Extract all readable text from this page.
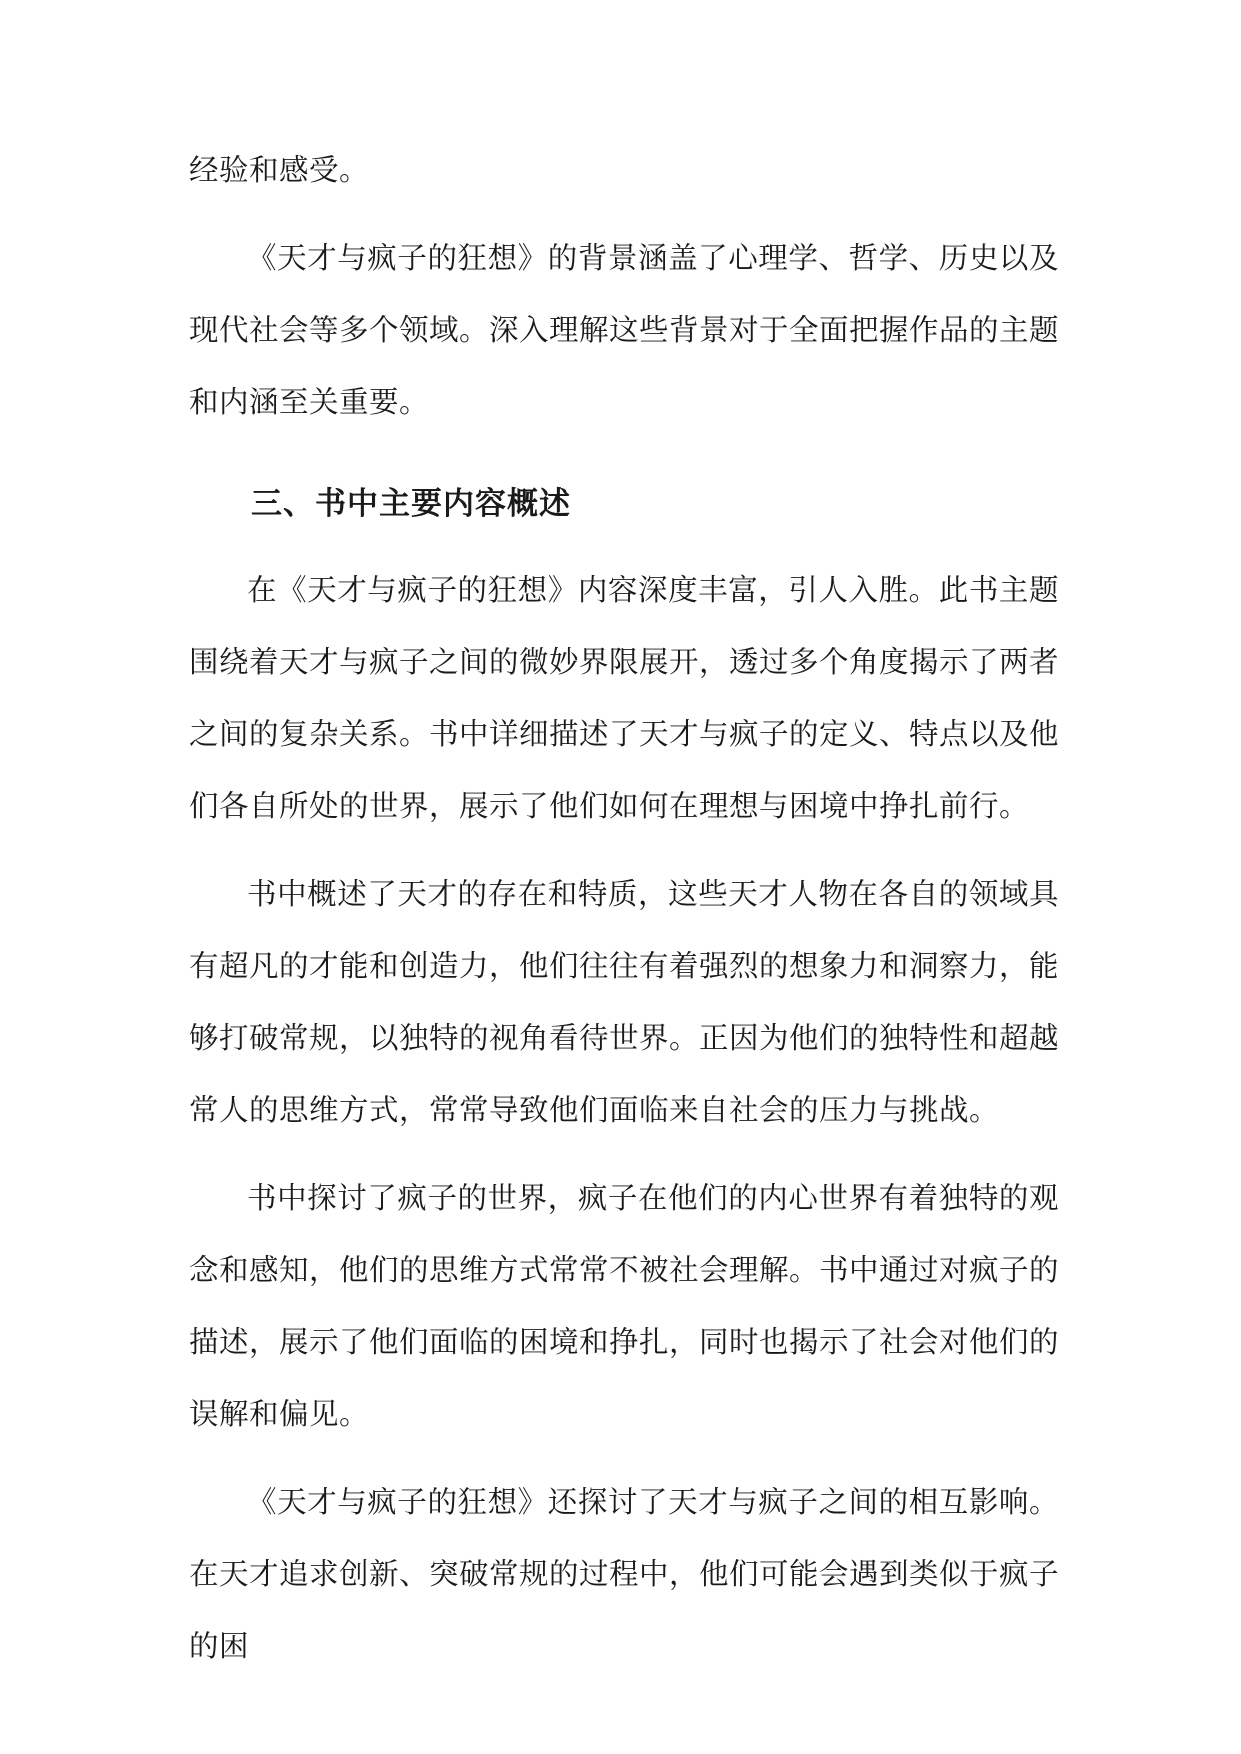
经验和感受。

《天才与疯子的狂想》的背景涵盖了心理学、哲学、历史以及现代社会等多个领域。深入理解这些背景对于全面把握作品的主题和内涵至关重要。

三、书中主要内容概述

在《天才与疯子的狂想》内容深度丰富，引人入胜。此书主题围绕着天才与疯子之间的微妙界限展开，透过多个角度揭示了两者之间的复杂关系。书中详细描述了天才与疯子的定义、特点以及他们各自所处的世界，展示了他们如何在理想与困境中挣扎前行。

书中概述了天才的存在和特质，这些天才人物在各自的领域具有超凡的才能和创造力，他们往往有着强烈的想象力和洞察力，能够打破常规，以独特的视角看待世界。正因为他们的独特性和超越常人的思维方式，常常导致他们面临来自社会的压力与挑战。

书中探讨了疯子的世界，疯子在他们的内心世界有着独特的观念和感知，他们的思维方式常常不被社会理解。书中通过对疯子的描述，展示了他们面临的困境和挣扎，同时也揭示了社会对他们的误解和偏见。

《天才与疯子的狂想》还探讨了天才与疯子之间的相互影响。在天才追求创新、突破常规的过程中，他们可能会遇到类似于疯子的困
